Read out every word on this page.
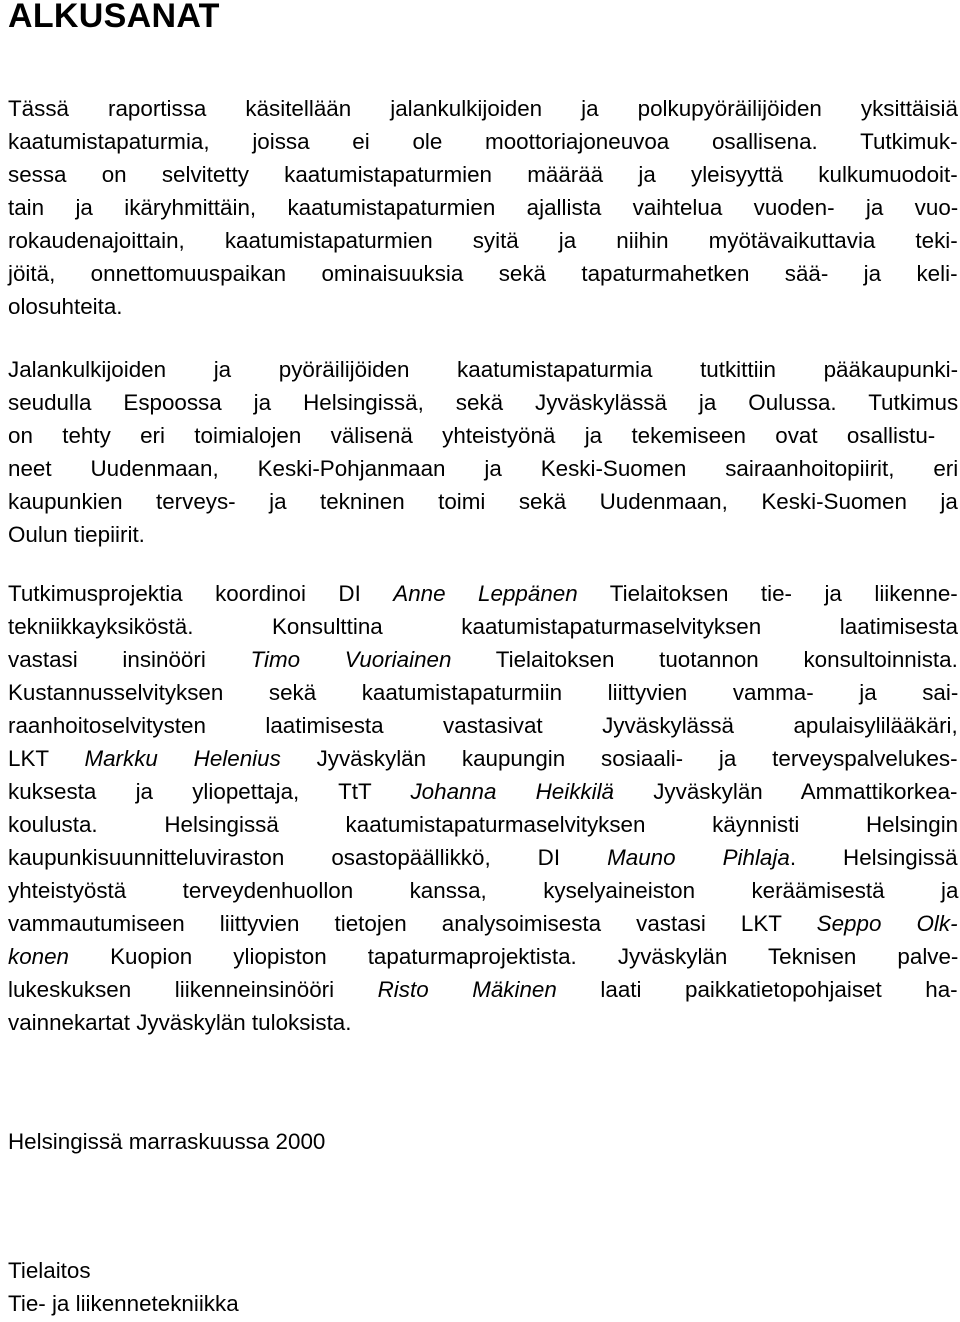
ALKUSANAT
Tässä raportissa käsitellään jalankulkijoiden ja polkupyöräilijöiden yksittäisiä
kaatumistapaturmia, joissa ei ole moottoriajoneuvoa osallisena. Tutkimuk-
sessa on selvitetty kaatumistapaturmien määrää ja yleisyyttä kulkumuodoit-
tain ja ikäryhmittäin, kaatumistapaturmien ajallista vaihtelua vuoden- ja vuo-
rokaudenajoittain, kaatumistapaturmien syitä ja niihin myötävaikuttavia teki-
jöitä, onnettomuuspaikan ominaisuuksia sekä tapaturmahetken sää- ja keli-
olosuhteita.
Jalankulkijoiden ja pyöräilijöiden kaatumistapaturmia tutkittiin pääkaupunki-
seudulla Espoossa ja Helsingissä, sekä Jyväskylässä ja Oulussa. Tutkimus
on tehty eri toimialojen välisenä yhteistyönä ja tekemiseen ovat osallistu-
neet Uudenmaan, Keski-Pohjanmaan ja Keski-Suomen sairaanhoitopiirit, eri
kaupunkien terveys- ja tekninen toimi sekä Uudenmaan, Keski-Suomen ja
Oulun tiepiirit.
Tutkimusprojektia koordinoi DI Anne Leppänen Tielaitoksen tie- ja liikenne-
tekniikkayksiköstä. Konsulttina kaatumistapaturmaselvityksen laatimisesta
vastasi insinööri Timo Vuoriainen Tielaitoksen tuotannon konsultoinnista.
Kustannusselvityksen sekä kaatumistapaturmiin liittyvien vamma- ja sai-
raanhoitoselvitysten laatimisesta vastasivat Jyväskylässä apulaisylilääkäri,
LKT Markku Helenius Jyväskylän kaupungin sosiaali- ja terveyspalvelukes-
kuksesta ja yliopettaja, TtT Johanna Heikkilä Jyväskylän Ammattikorkea-
koulusta. Helsingissä kaatumistapaturmaselvityksen käynnisti Helsingin
kaupunkisuunnitteluviraston osastopäällikkö, DI Mauno Pihlaja. Helsingissä
yhteistyöstä terveydenhuollon kanssa, kyselyaineiston keräämisestä ja
vammautumiseen liittyvien tietojen analysoimisesta vastasi LKT Seppo Olk-
konen Kuopion yliopiston tapaturmaprojektista. Jyväskylän Teknisen palve-
lukeskuksen liikenneinsinööri Risto Mäkinen laati paikkatietopohjaiset ha-
vainnekartat Jyväskylän tuloksista.
Helsingissä marraskuussa 2000
Tielaitos
Tie- ja liikennetekniikka
